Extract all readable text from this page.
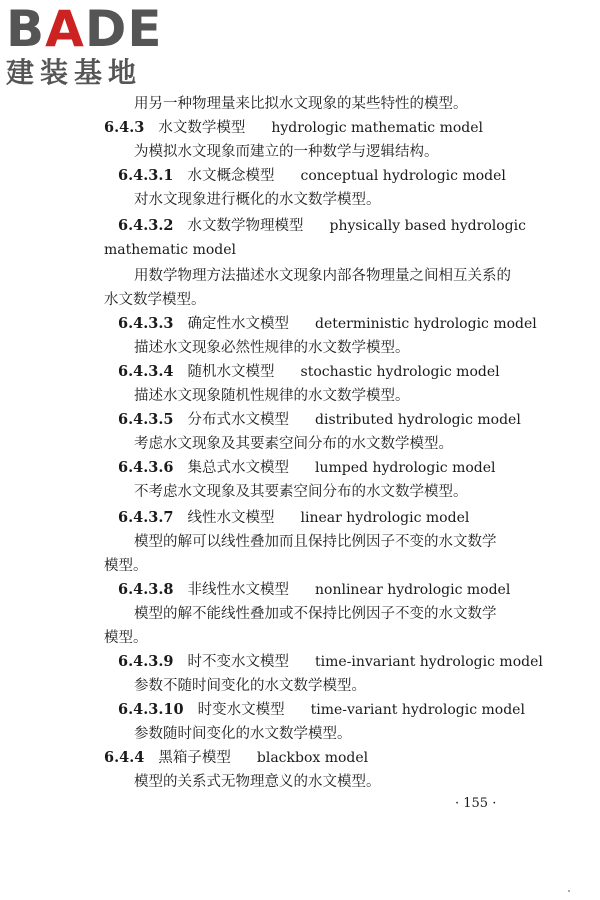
BADE
建装基地
用另一种物理量来比拟水文现象的某些特性的模型。
6.4.3 水文数学模型 hydrologic mathematic model
为模拟水文现象而建立的一种数学与逻辑结构。
6.4.3.1 水文概念模型 conceptual hydrologic model
对水文现象进行概化的水文数学模型。
6.4.3.2 水文数学物理模型 physically based hydrologic
mathematic model
用数学物理方法描述水文现象内部各物理量之间相互关系的
水文数学模型。
6.4.3.3 确定性水文模型 deterministic hydrologic model
描述水文现象必然性规律的水文数学模型。
6.4.3.4 随机水文模型 stochastic hydrologic model
描述水文现象随机性规律的水文数学模型。
6.4.3.5 分布式水文模型 distributed hydrologic model
考虑水文现象及其要素空间分布的水文数学模型。
6.4.3.6 集总式水文模型 lumped hydrologic model
不考虑水文现象及其要素空间分布的水文数学模型。
6.4.3.7 线性水文模型 linear hydrologic model
模型的解可以线性叠加而且保持比例因子不变的水文数学
模型。
6.4.3.8 非线性水文模型 nonlinear hydrologic model
模型的解不能线性叠加或不保持比例因子不变的水文数学
模型。
6.4.3.9 时不变水文模型 time-invariant hydrologic model
参数不随时间变化的水文数学模型。
6.4.3.10 时变水文模型 time-variant hydrologic model
参数随时间变化的水文数学模型。
6.4.4 黑箱子模型 blackbox model
模型的关系式无物理意义的水文模型。
· 155 ·
